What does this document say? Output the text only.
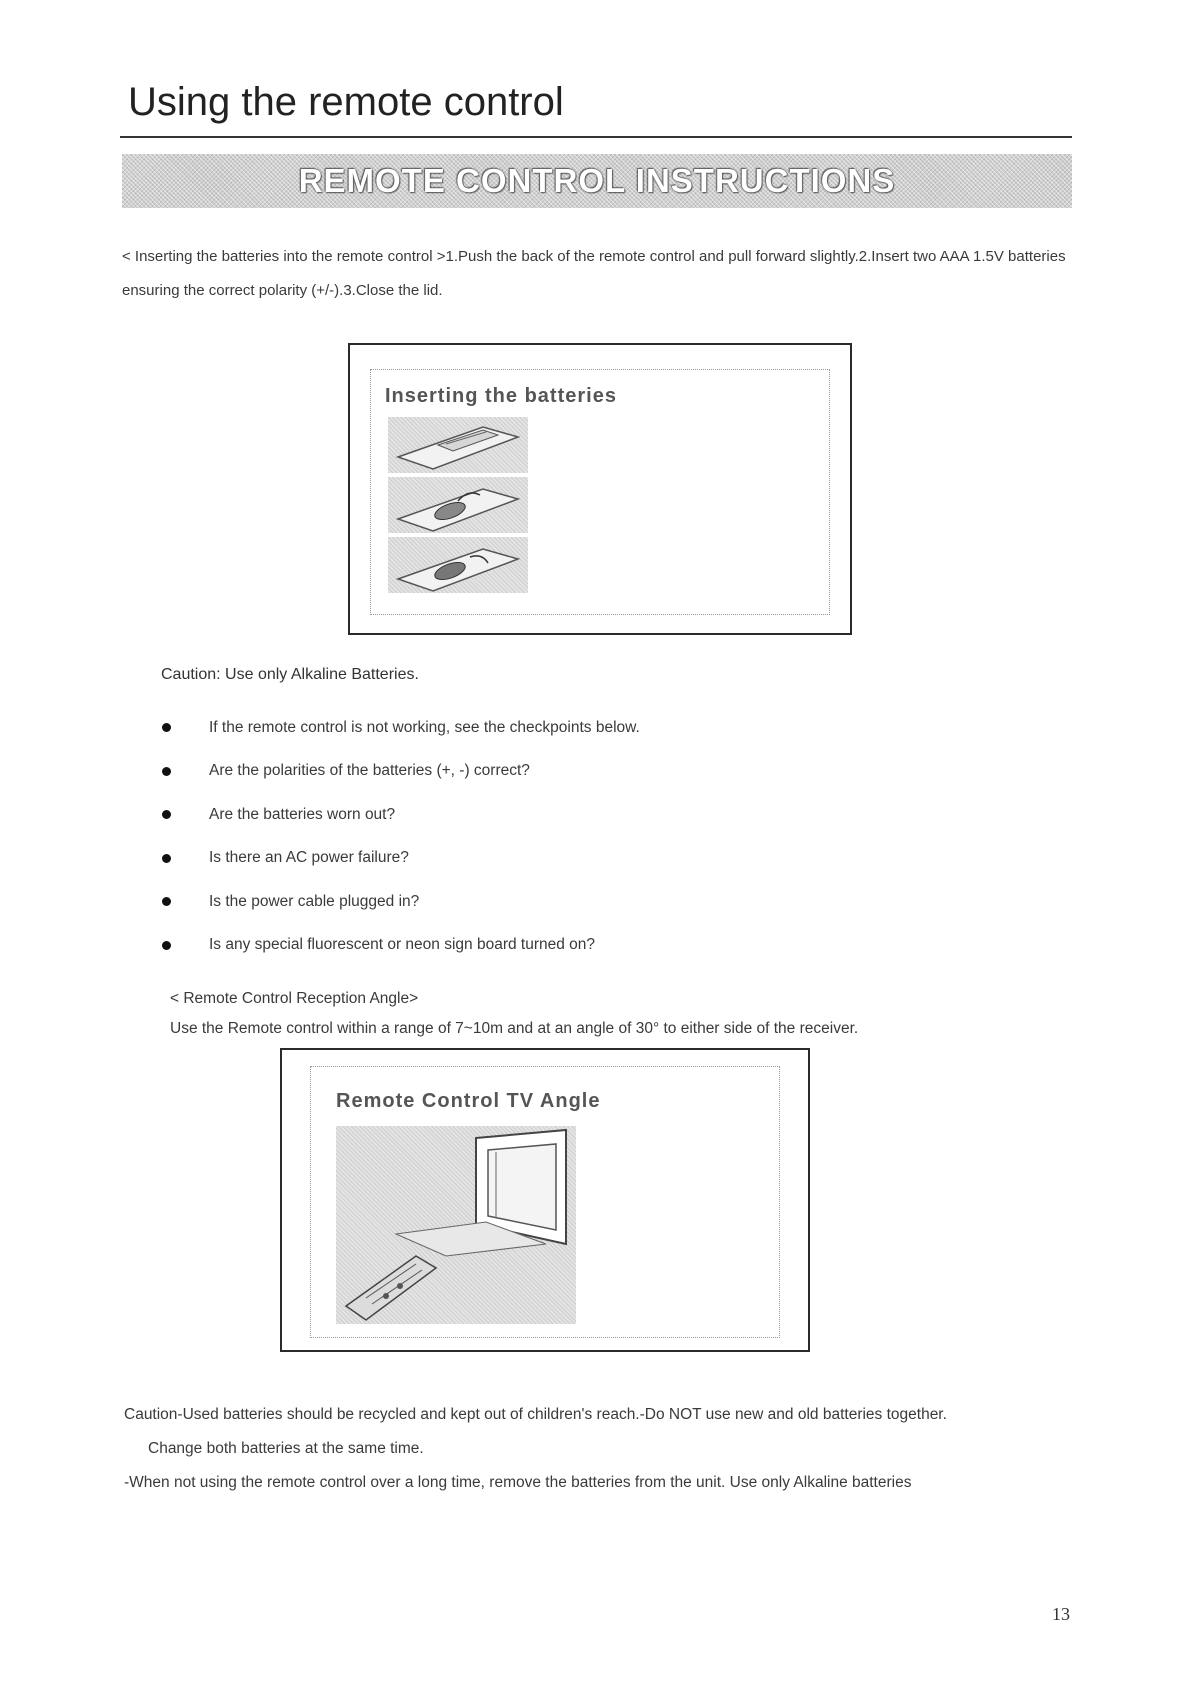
Using the remote control
REMOTE CONTROL INSTRUCTIONS

< Inserting the batteries into the remote control >1.Push the back of the remote control and pull forward slightly.2.Insert two AAA 1.5V batteries ensuring the correct polarity (+/-).3.Close the lid.

Inserting the batteries

Caution: Use only Alkaline Batteries.

If the remote control is not working, see the checkpoints below.
Are the polarities of the batteries (+, -) correct?
Are the batteries worn out?
Is there an AC power failure?
Is the power cable plugged in?
Is any special fluorescent or neon sign board turned on?

< Remote Control Reception Angle>

Use the Remote control within a range of 7~10m and at an angle of 30° to either side of the receiver.

Remote Control TV Angle
Caution-Used batteries should be recycled and kept out of children's reach.-Do NOT use new and old batteries together.
Change both batteries at the same time.
-When not using the remote control over a long time, remove the batteries from the unit. Use only Alkaline batteries
13
